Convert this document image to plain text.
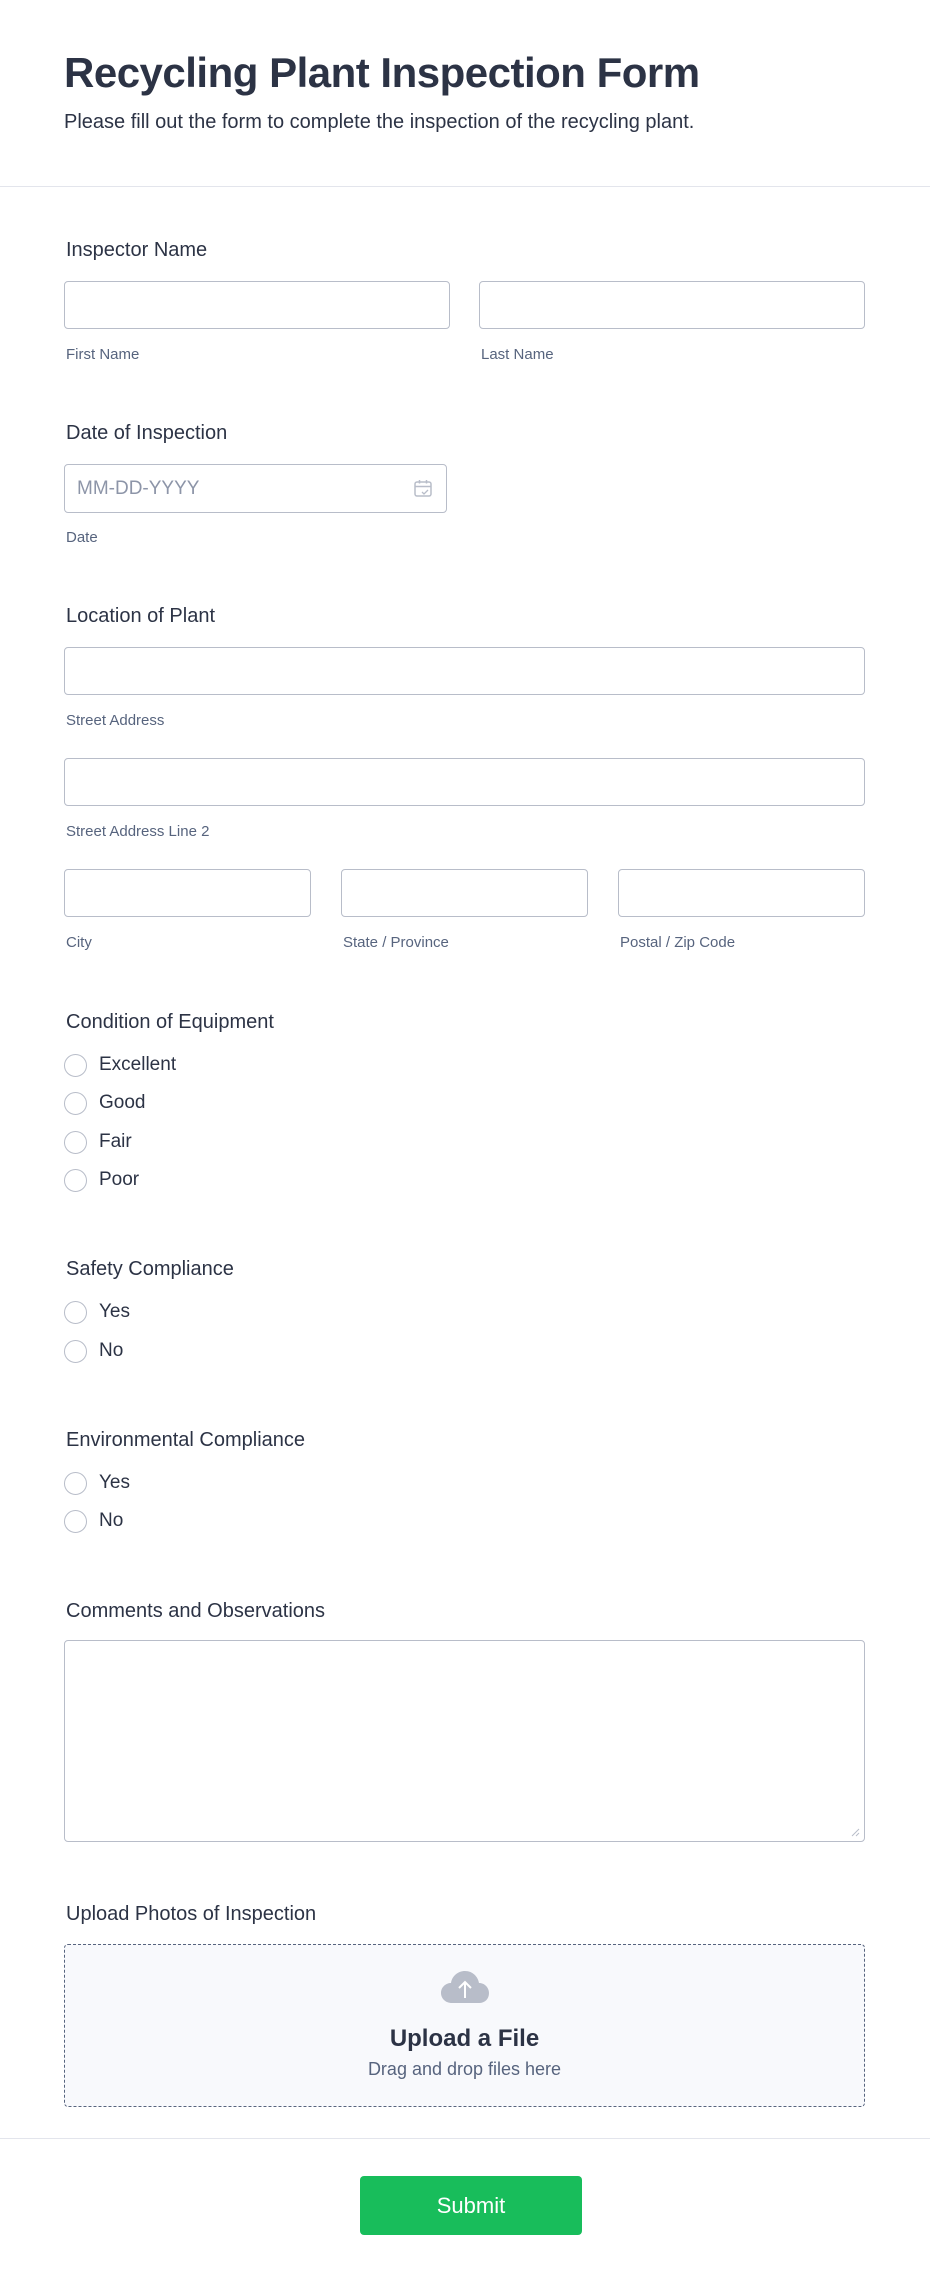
Recycling Plant Inspection Form

Please fill out the form to complete the inspection of the recycling plant.

Inspector Name
First Name	Last Name
Date of Inspection
MM-DD-YYYY
Date
Location of Plant
Street Address
Street Address Line 2
City	State / Province	Postal / Zip Code
Condition of Equipment
Excellent
Good
Fair
Poor
Safety Compliance
Yes
No
Environmental Compliance
Yes
No
Comments and Observations
Upload Photos of Inspection
Upload a File
Drag and drop files here
Submit
